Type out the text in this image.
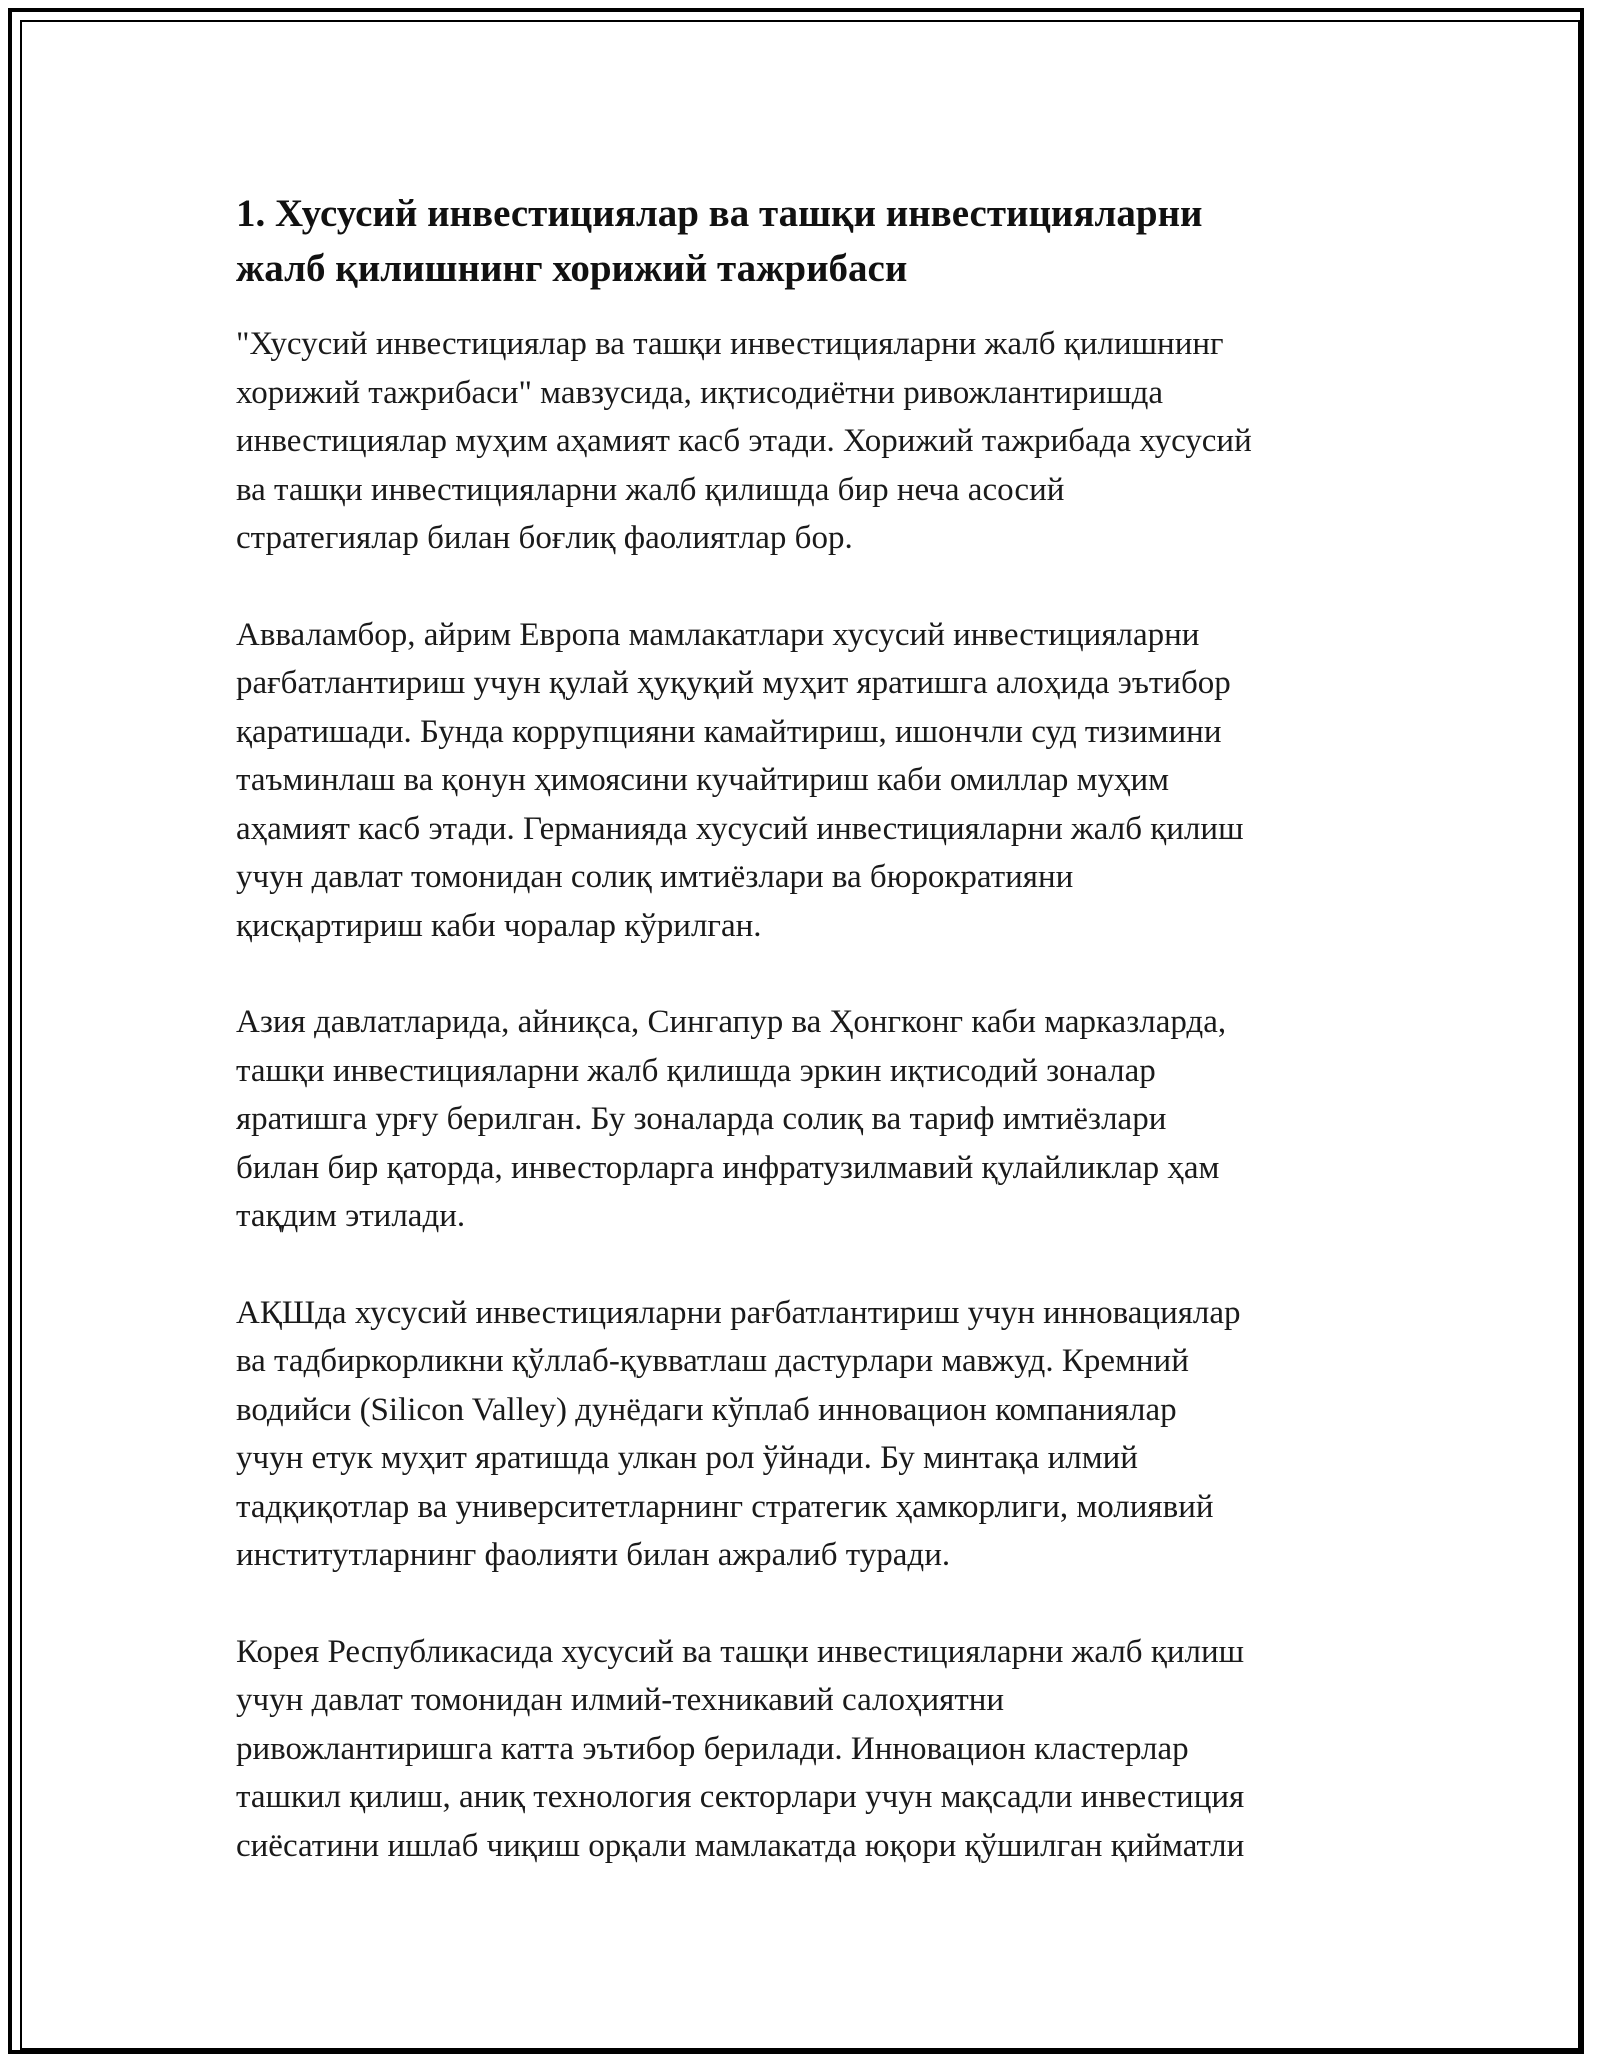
1. Хусусий инвестициялар ва ташқи инвестицияларни
жалб қилишнинг хорижий тажрибаси

"Хусусий инвестициялар ва ташқи инвестицияларни жалб қилишнинг
хорижий тажрибаси" мавзусида, иқтисодиётни ривожлантиришда
инвестициялар муҳим аҳамият касб этади. Хорижий тажрибада хусусий
ва ташқи инвестицияларни жалб қилишда бир неча асосий
стратегиялар билан боғлиқ фаолиятлар бор.

Авваламбор, айрим Европа мамлакатлари хусусий инвестицияларни
рағбатлантириш учун қулай ҳуқуқий муҳит яратишга алоҳида эътибор
қаратишади. Бунда коррупцияни камайтириш, ишончли суд тизимини
таъминлаш ва қонун ҳимоясини кучайтириш каби омиллар муҳим
аҳамият касб этади. Германияда хусусий инвестицияларни жалб қилиш
учун давлат томонидан солиқ имтиёзлари ва бюрократияни
қисқартириш каби чоралар кўрилган.

Азия давлатларида, айниқса, Сингапур ва Ҳонгконг каби марказларда,
ташқи инвестицияларни жалб қилишда эркин иқтисодий зоналар
яратишга урғу берилган. Бу зоналарда солиқ ва тариф имтиёзлари
билан бир қаторда, инвесторларга инфратузилмавий қулайликлар ҳам
тақдим этилади.

АҚШда хусусий инвестицияларни рағбатлантириш учун инновациялар
ва тадбиркорликни қўллаб-қувватлаш дастурлари мавжуд. Кремний
водийси (Silicon Valley) дунёдаги кўплаб инновацион компаниялар
учун етук муҳит яратишда улкан рол ўйнади. Бу минтақа илмий
тадқиқотлар ва университетларнинг стратегик ҳамкорлиги, молиявий
институтларнинг фаолияти билан ажралиб туради.

Корея Республикасида хусусий ва ташқи инвестицияларни жалб қилиш
учун давлат томонидан илмий-техникавий салоҳиятни
ривожлантиришга катта эътибор берилади. Инновацион кластерлар
ташкил қилиш, аниқ технология секторлари учун мақсадли инвестиция
сиёсатини ишлаб чиқиш орқали мамлакатда юқори қўшилган қийматли
